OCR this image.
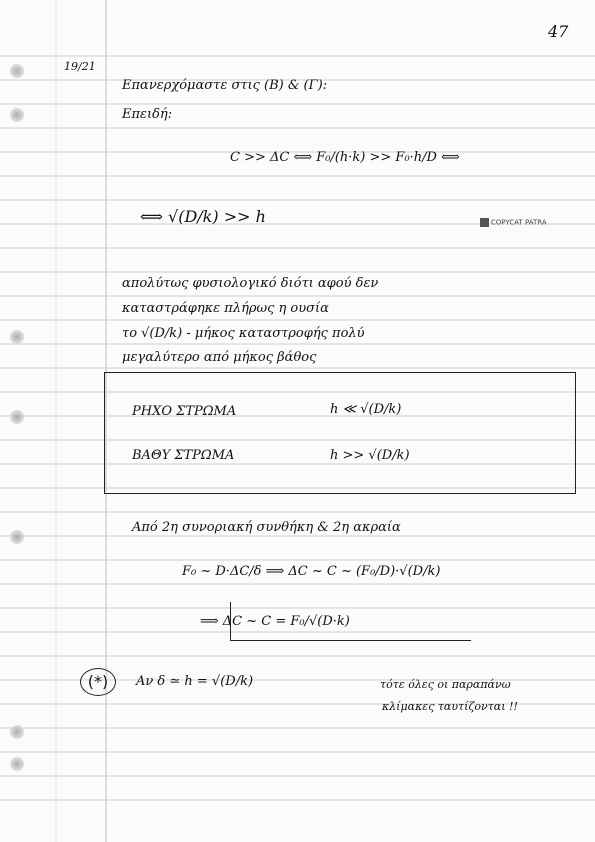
47
19/21
Επανερχόμαστε στις (B) & (Γ):
Επειδή:
C >> ΔC ⟺ F₀/(h·k) >> F₀·h/D ⟺
⟺ √(D/k) >> h	COPYCAT PATRA
απολύτως φυσιολογικό διότι αφού δεν
καταστράφηκε πλήρως η ουσία
το √(D/k) - μήκος καταστροφής πολύ
μεγαλύτερο από μήκος βάθος
ΡΗΧΟ ΣΤΡΩΜΑ	h ≪ √(D/k)
ΒΑΘΥ ΣΤΡΩΜΑ	h >> √(D/k)
Από 2η συνοριακή συνθήκη & 2η ακραία
F₀ ~ D·ΔC/δ ⟹ ΔC ~ C ~ (F₀/D)·√(D/k)
⟹ ΔC ~ C = F₀/√(D·k)
(*)	Αν δ ≃ h = √(D/k)	τότε όλες οι παραπάνω
κλίμακες ταυτίζονται !!
